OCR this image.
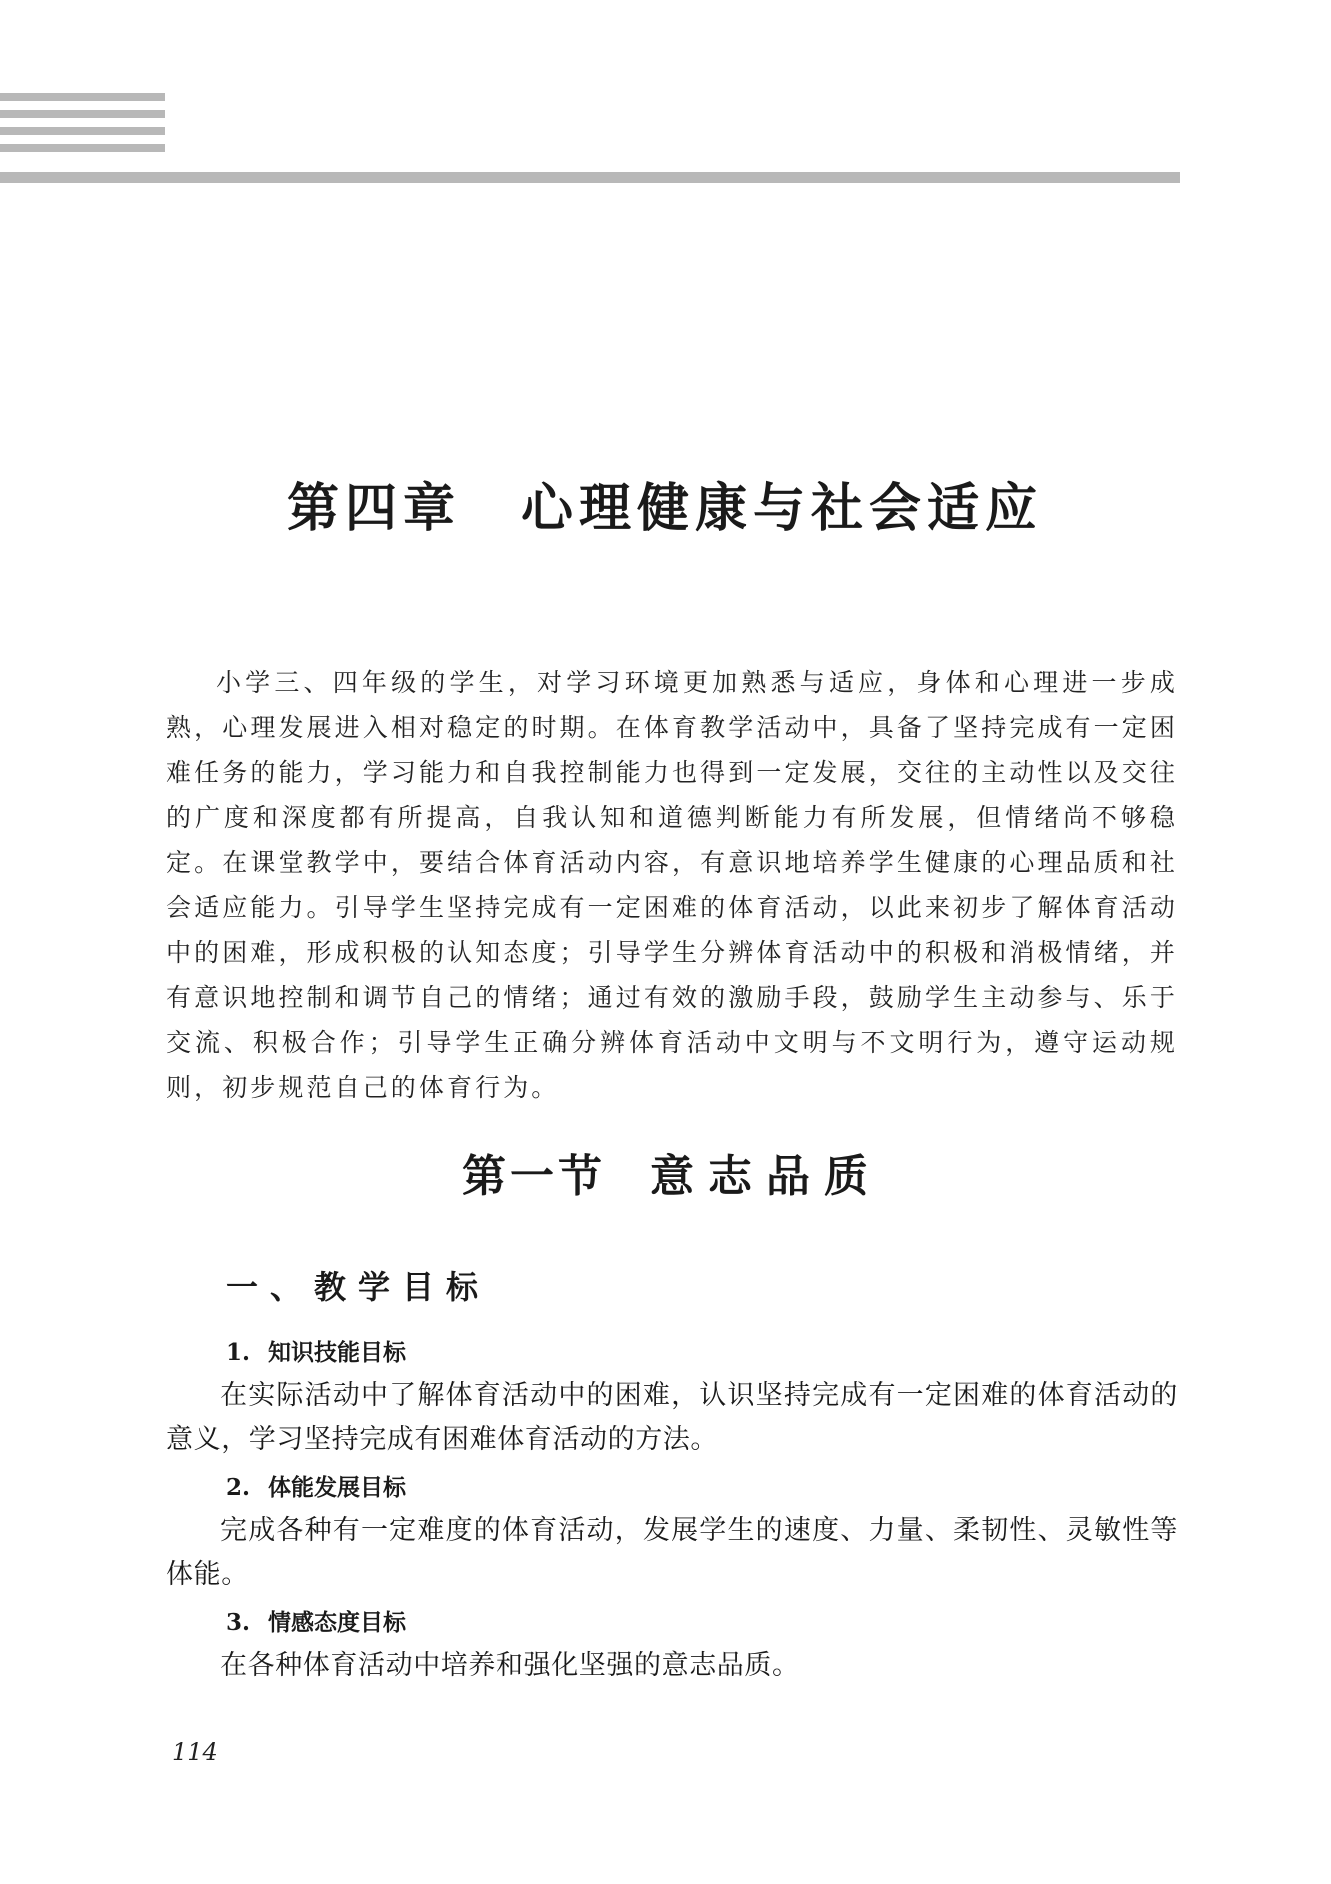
第四章 心理健康与社会适应

小学三、四年级的学生，对学习环境更加熟悉与适应，身体和心理进一步成熟，心理发展进入相对稳定的时期。在体育教学活动中，具备了坚持完成有一定困难任务的能力，学习能力和自我控制能力也得到一定发展，交往的主动性以及交往的广度和深度都有所提高，自我认知和道德判断能力有所发展，但情绪尚不够稳定。在课堂教学中，要结合体育活动内容，有意识地培养学生健康的心理品质和社会适应能力。引导学生坚持完成有一定困难的体育活动，以此来初步了解体育活动中的困难，形成积极的认知态度；引导学生分辨体育活动中的积极和消极情绪，并有意识地控制和调节自己的情绪；通过有效的激励手段，鼓励学生主动参与、乐于交流、积极合作；引导学生正确分辨体育活动中文明与不文明行为，遵守运动规则，初步规范自己的体育行为。

第一节 意志品质
一、教学目标

1. 知识技能目标

在实际活动中了解体育活动中的困难，认识坚持完成有一定困难的体育活动的意义，学习坚持完成有困难体育活动的方法。

2. 体能发展目标

完成各种有一定难度的体育活动，发展学生的速度、力量、柔韧性、灵敏性等体能。

3. 情感态度目标

在各种体育活动中培养和强化坚强的意志品质。

114
